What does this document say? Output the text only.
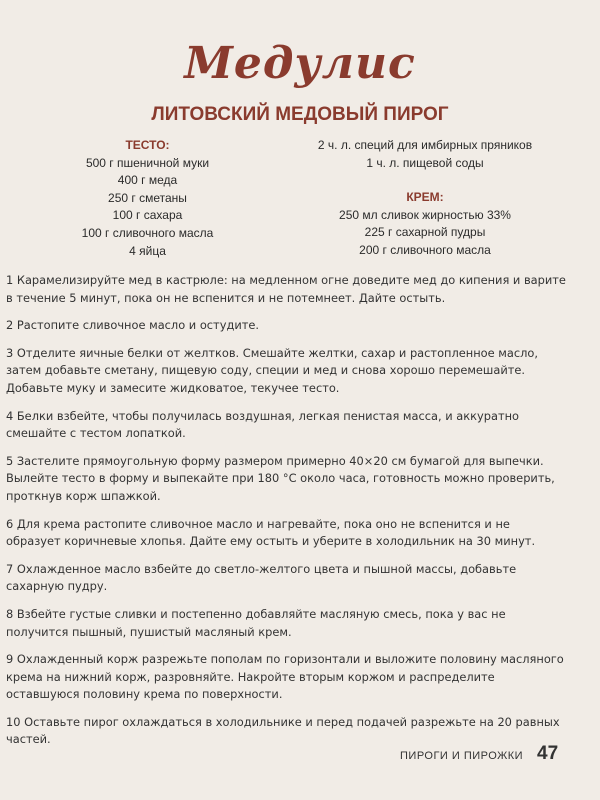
Медулис
ЛИТОВСКИЙ МЕДОВЫЙ ПИРОГ
ТЕСТО:
500 г пшеничной муки
400 г меда
250 г сметаны
100 г сахара
100 г сливочного масла
4 яйца
2 ч. л. специй для имбирных пряников
1 ч. л. пищевой соды
КРЕМ:
250 мл сливок жирностью 33%
225 г сахарной пудры
200 г сливочного масла

1 Карамелизируйте мед в кастрюле: на медленном огне доведите мед до кипения и варите в течение 5 минут, пока он не вспенится и не потемнеет. Дайте остыть.

2 Растопите сливочное масло и остудите.

3 Отделите яичные белки от желтков. Смешайте желтки, сахар и растопленное масло, затем добавьте сметану, пищевую соду, специи и мед и снова хорошо перемешайте. Добавьте муку и замесите жидковатое, текучее тесто.

4 Белки взбейте, чтобы получилась воздушная, легкая пенистая масса, и аккуратно смешайте с тестом лопаткой.

5 Застелите прямоугольную форму размером примерно 40×20 см бумагой для выпечки. Вылейте тесто в форму и выпекайте при 180 °C около часа, готовность можно проверить, проткнув корж шпажкой.

6 Для крема растопите сливочное масло и нагревайте, пока оно не вспенится и не образует коричневые хлопья. Дайте ему остыть и уберите в холодильник на 30 минут.

7 Охлажденное масло взбейте до светло-желтого цвета и пышной массы, добавьте сахарную пудру.

8 Взбейте густые сливки и постепенно добавляйте масляную смесь, пока у вас не получится пышный, пушистый масляный крем.

9 Охлажденный корж разрежьте пополам по горизонтали и выложите половину масляного крема на нижний корж, разровняйте. Накройте вторым коржом и распределите оставшуюся половину крема по поверхности.

10 Оставьте пирог охлаждаться в холодильнике и перед подачей разрежьте на 20 равных частей.

ПИРОГИ И ПИРОЖКИ 47
